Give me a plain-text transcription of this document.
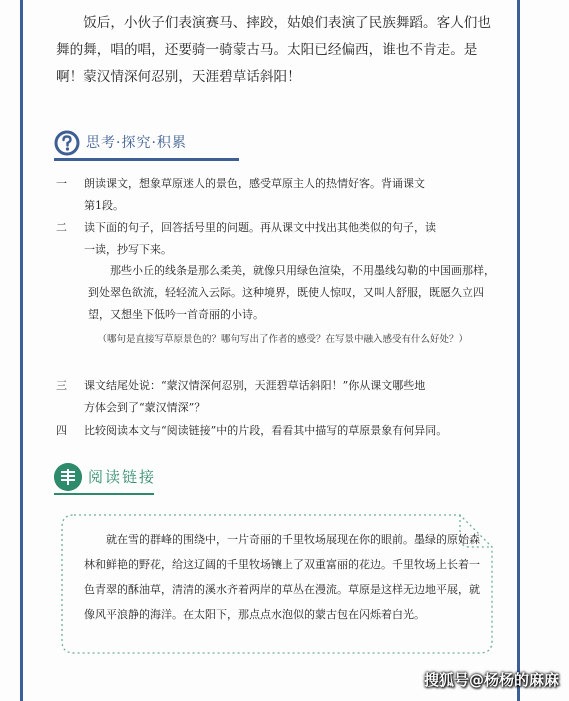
饭后，小伙子们表演赛马、摔跤，姑娘们表演了民族舞蹈。客人们也舞的舞，唱的唱，还要骑一骑蒙古马。太阳已经偏西，谁也不肯走。是啊！蒙汉情深何忍别，天涯碧草话斜阳！

思考·探究·积累
一 朗读课文，想象草原迷人的景色，感受草原主人的热情好客。背诵课文
第1段。
二 读下面的句子，回答括号里的问题。再从课文中找出其他类似的句子，读
一读，抄写下来。
那些小丘的线条是那么柔美，就像只用绿色渲染，不用墨线勾勒的中国画那样，到处翠色欲流，轻轻流入云际。这种境界，既使人惊叹，又叫人舒服，既愿久立四望，又想坐下低吟一首奇丽的小诗。
（哪句是直接写草原景色的？哪句写出了作者的感受？在写景中融入感受有什么好处？）
三 课文结尾处说：“蒙汉情深何忍别，天涯碧草话斜阳！”你从课文哪些地
方体会到了“蒙汉情深”？
四 比较阅读本文与“阅读链接”中的片段，看看其中描写的草原景象有何异同。
阅读链接

就在雪的群峰的围绕中，一片奇丽的千里牧场展现在你的眼前。墨绿的原始森林和鲜艳的野花，给这辽阔的千里牧场镶上了双重富丽的花边。千里牧场上长着一色青翠的酥油草，清清的溪水齐着两岸的草丛在漫流。草原是这样无边地平展，就像风平浪静的海洋。在太阳下，那点点水泡似的蒙古包在闪烁着白光。

搜狐号@杨杨的麻麻
